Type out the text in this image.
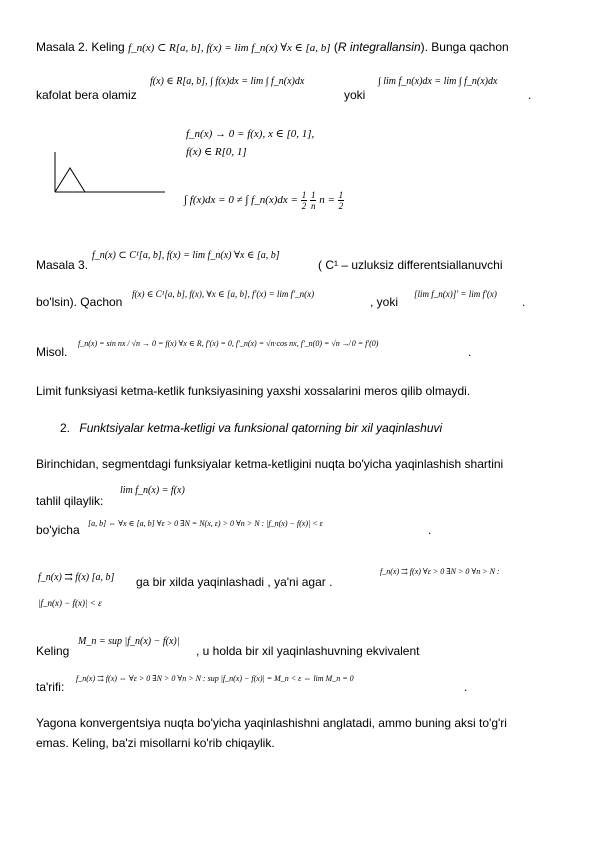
Masala 2. Keling f_n(x) ⊂ R[a, b], f(x) = lim f_n(x) ∀x ∈ [a, b] (R integrallansin). Bunga qachon
kafolat bera olamiz
f(x) ∈ R[a, b], ∫ f(x)dx = lim ∫ f_n(x)dx
yoki
∫ lim f_n(x)dx = lim ∫ f_n(x)dx
.
f_n(x) → 0 = f(x), x ∈ [0, 1],
f(x) ∈ R[0, 1]
∫ f(x)dx = 0 ≠ ∫ f_n(x)dx = $\frac{1}{2}$
$\frac{1}{n}$ $n = \frac{1}{2}$
Masala 3.
f_n(x) ⊂ C¹[a, b], f(x) = lim f_n(x) ∀x ∈ [a, b]
( C¹ – uzluksiz differentsiallanuvchi
bo'lsin). Qachon
f(x) ∈ C¹[a, b], f(x), ∀x ∈ [a, b], f'(x) = lim f'_n(x)
, yoki
[lim f_n(x)]' = lim f'(x)
.
Misol.
f_n(x) = sin nx / √n → 0 = f(x) ∀x ∈ R, f'(x) = 0, f'_n(x) = √n·cos nx, f'_n(0) = √n ↛ 0 = f'(0)
.
Limit funksiyasi ketma-ketlik funksiyasining yaxshi xossalarini meros qilib olmaydi.
2. Funktsiyalar ketma-ketligi va funksional qatorning bir xil yaqinlashuvi
Birinchidan, segmentdagi funksiyalar ketma-ketligini nuqta bo'yicha yaqinlashish shartini
tahlil qilaylik:
lim f_n(x) = f(x)
bo'yicha [a, b] ⇔ ∀x ∈ [a, b] ∀ε > 0 ∃N = N(x, ε) > 0 ∀n > N : |f_n(x) − f(x)| < ε	.
f_n(x) ⇉ f(x) [a, b] ga bir xilda yaqinlashadi , ya'ni agar .
f_n(x) ⇉ f(x) ∀ε > 0 ∃N > 0 ∀n > N :
|f_n(x) − f(x)| < ε
Keling
M_n = sup |f_n(x) − f(x)|
, u holda bir xil yaqinlashuvning ekvivalent
ta'rifi:
f_n(x) ⇉ f(x) ⇔ ∀ε > 0 ∃N > 0 ∀n > N : sup |f_n(x) − f(x)| = M_n < ε ⇔ lim M_n = 0
.
Yagona konvergentsiya nuqta bo'yicha yaqinlashishni anglatadi, ammo buning aksi to'g'ri
emas. Keling, ba'zi misollarni ko'rib chiqaylik.
